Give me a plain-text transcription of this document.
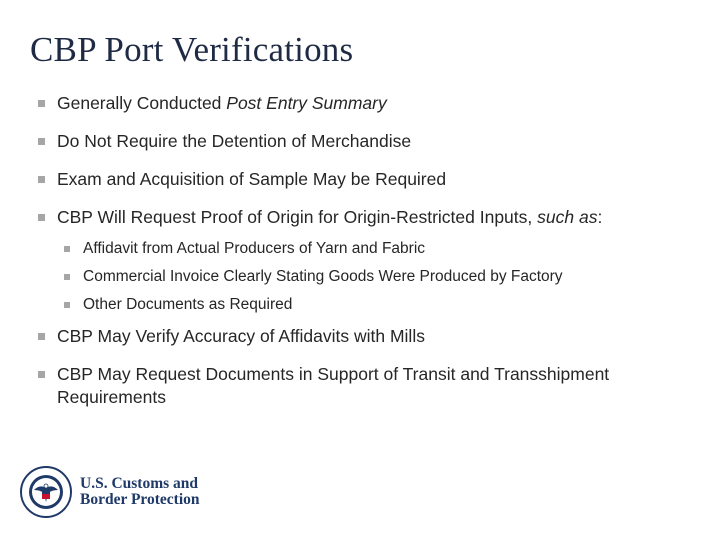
CBP Port Verifications
Generally Conducted Post Entry Summary
Do Not Require the Detention of Merchandise
Exam and Acquisition of Sample May be Required
CBP Will Request Proof of Origin for Origin-Restricted Inputs, such as:
Affidavit from Actual Producers of Yarn and Fabric
Commercial Invoice Clearly Stating Goods Were Produced by Factory
Other Documents as Required
CBP May Verify Accuracy of Affidavits with Mills
CBP May Request Documents in Support of Transit and Transshipment Requirements
U.S. Customs and
Border Protection
